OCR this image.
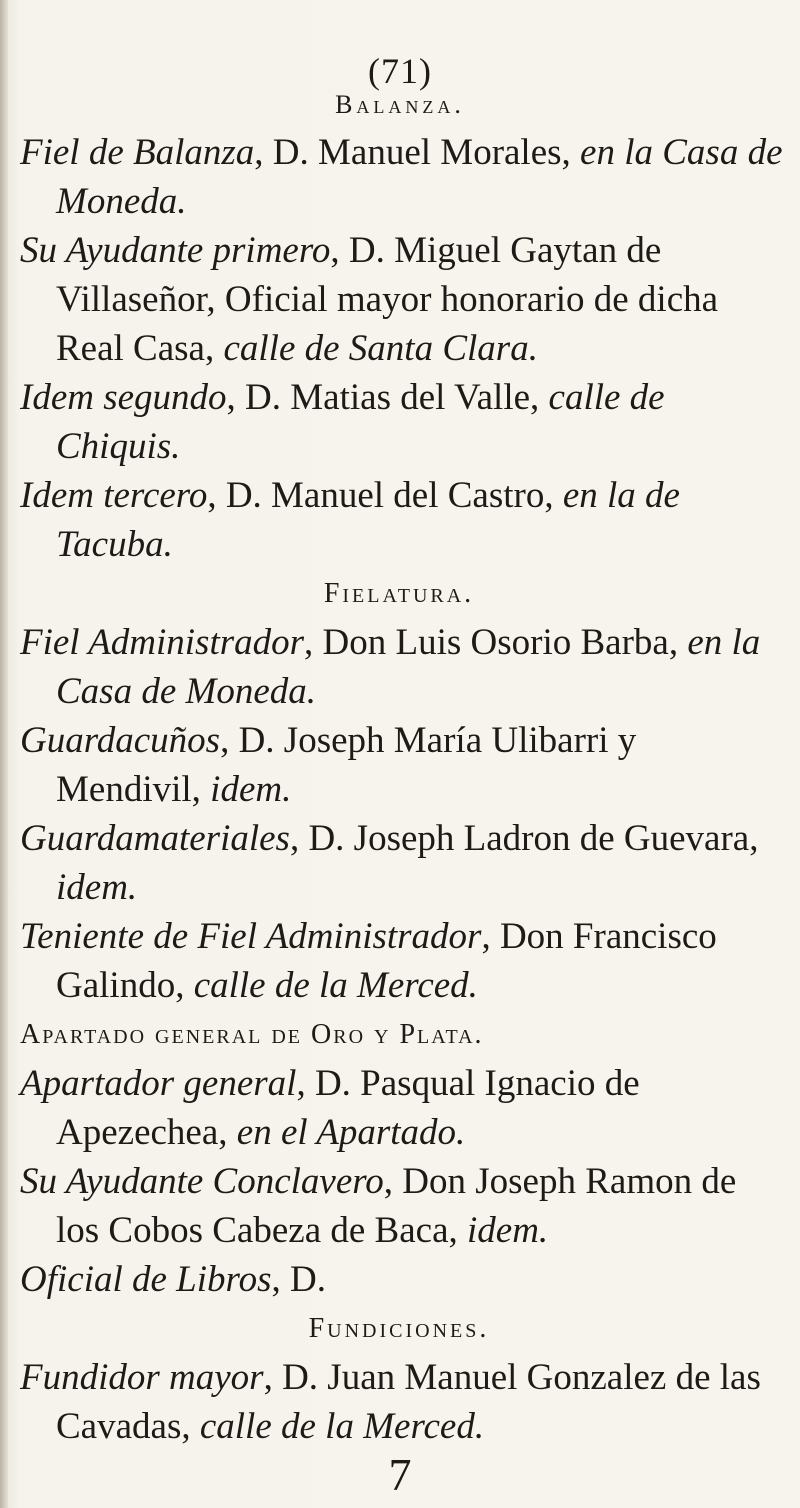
(71)
Balanza.

Fiel de Balanza, D. Manuel Morales, en la Casa de Moneda.

Su Ayudante primero, D. Miguel Gaytan de Villaseñor, Oficial mayor honorario de dicha Real Casa, calle de Santa Clara.

Idem segundo, D. Matias del Valle, calle de Chiquis.

Idem tercero, D. Manuel del Castro, en la de Tacuba.

Fielatura.

Fiel Administrador, Don Luis Osorio Barba, en la Casa de Moneda.

Guardacuños, D. Joseph María Ulibarri y Mendivil, idem.

Guardamateriales, D. Joseph Ladron de Guevara, idem.

Teniente de Fiel Administrador, Don Francisco Galindo, calle de la Merced.

Apartado general de Oro y Plata.

Apartador general, D. Pasqual Ignacio de Apezechea, en el Apartado.

Su Ayudante Conclavero, Don Joseph Ramon de los Cobos Cabeza de Baca, idem.

Oficial de Libros, D.

Fundiciones.

Fundidor mayor, D. Juan Manuel Gonzalez de las Cavadas, calle de la Merced.

7
